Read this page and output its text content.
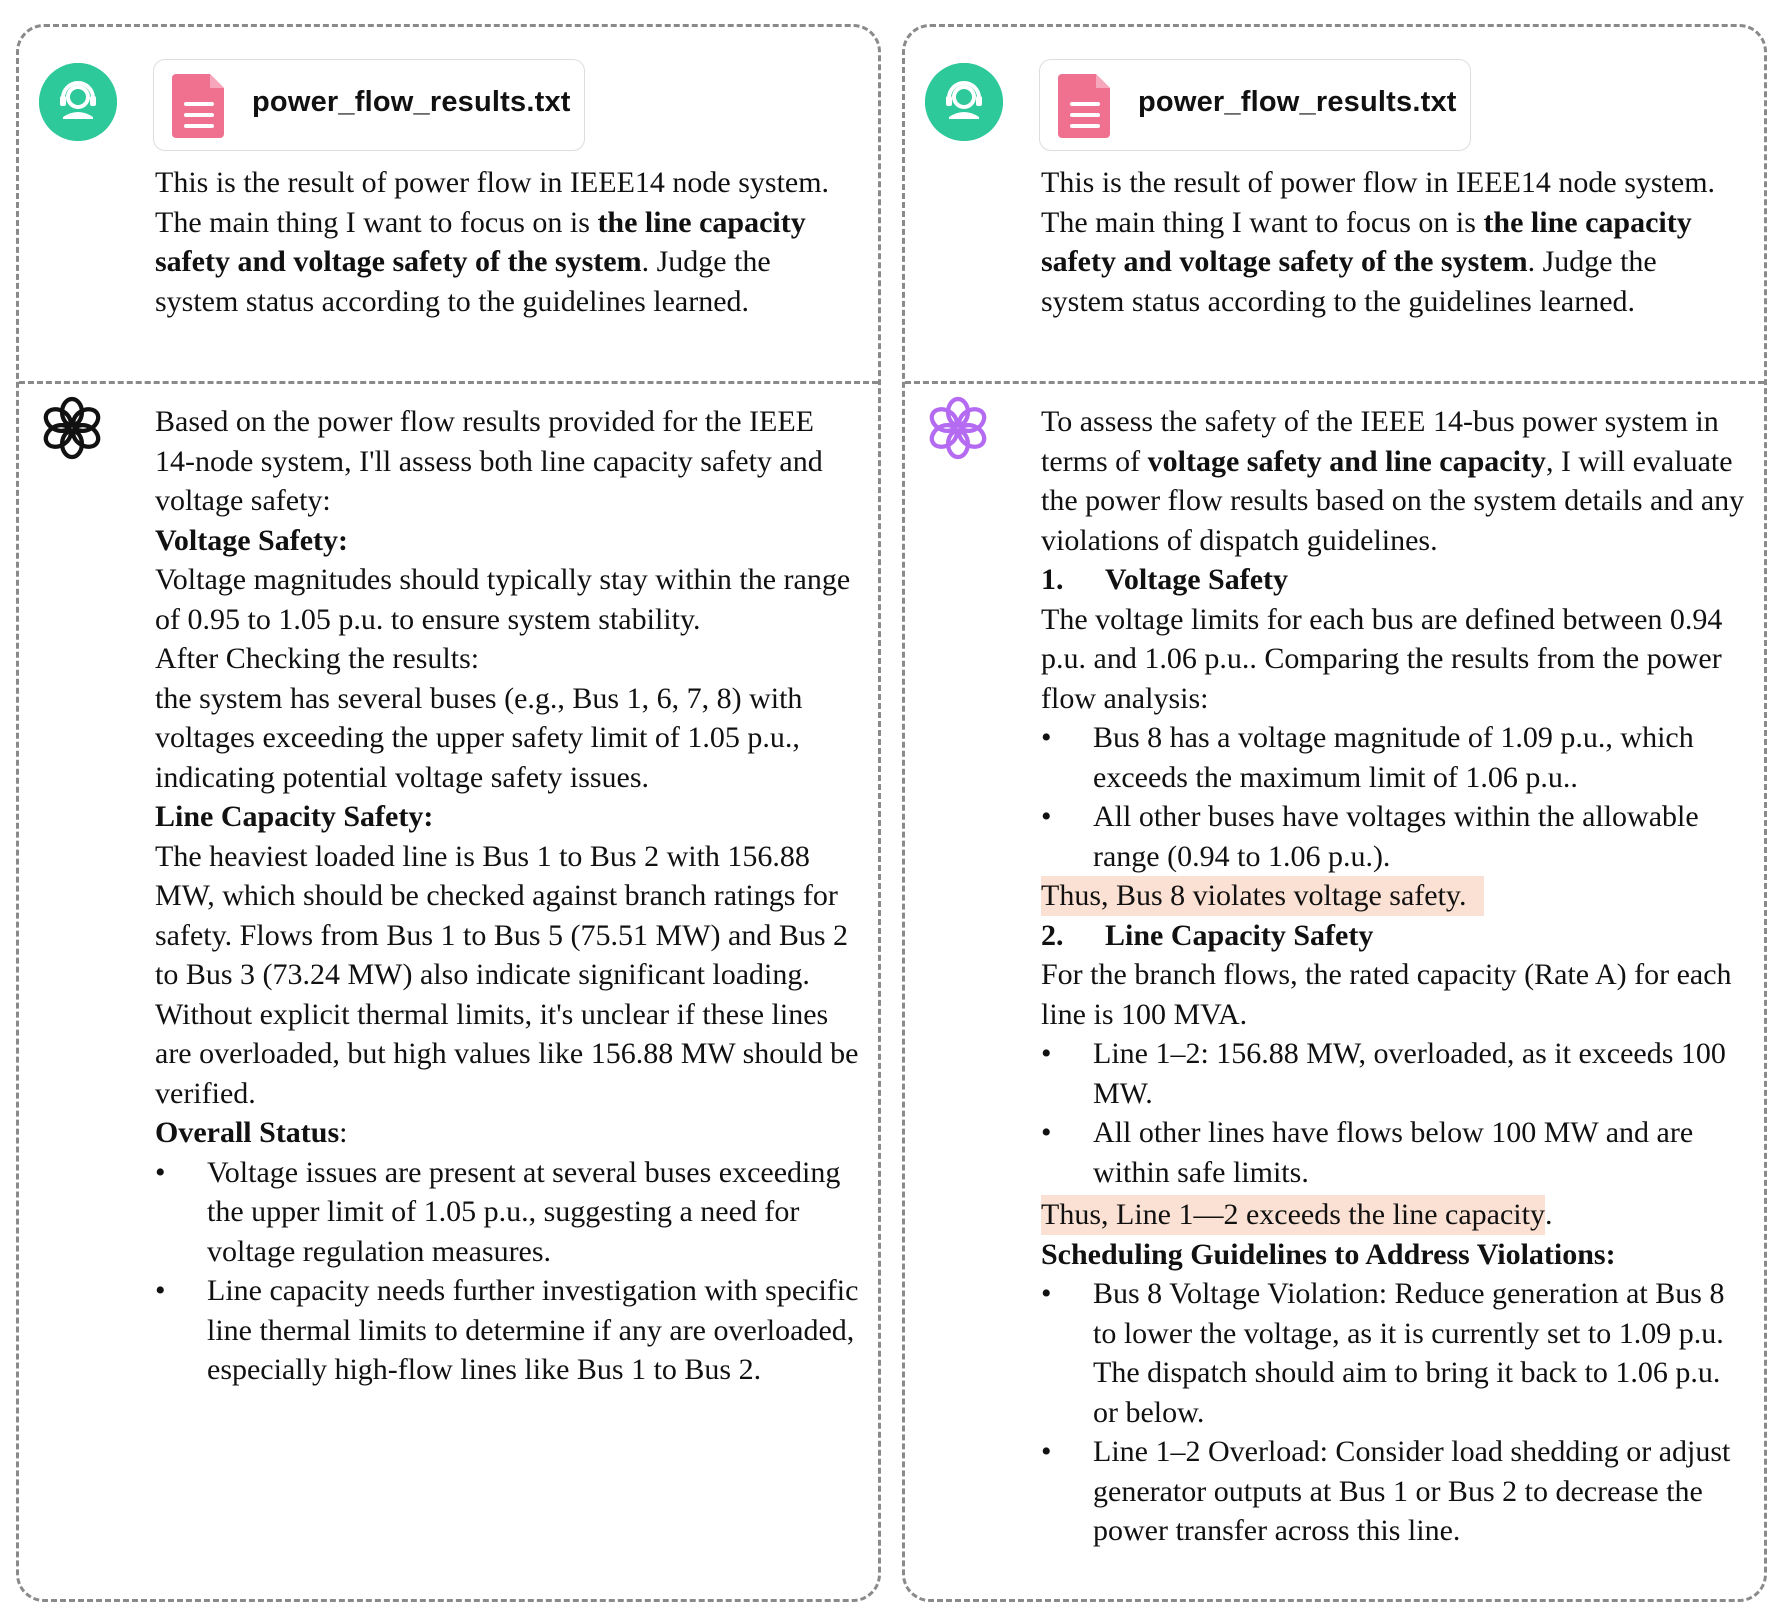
power_flow_results.txt

This is the result of power flow in IEEE14 node system. The main thing I want to focus on is the line capacity safety and voltage safety of the system. Judge the system status according to the guidelines learned.

Based on the power flow results provided for the IEEE 14-node system, I'll assess both line capacity safety and voltage safety:

Voltage Safety:

Voltage magnitudes should typically stay within the range of 0.95 to 1.05 p.u. to ensure system stability.

After Checking the results:

the system has several buses (e.g., Bus 1, 6, 7, 8) with voltages exceeding the upper safety limit of 1.05 p.u., indicating potential voltage safety issues.

Line Capacity Safety:

The heaviest loaded line is Bus 1 to Bus 2 with 156.88 MW, which should be checked against branch ratings for safety. Flows from Bus 1 to Bus 5 (75.51 MW) and Bus 2 to Bus 3 (73.24 MW) also indicate significant loading. Without explicit thermal limits, it's unclear if these lines are overloaded, but high values like 156.88 MW should be verified.

Overall Status:

• Voltage issues are present at several buses exceeding the upper limit of 1.05 p.u., suggesting a need for voltage regulation measures.
• Line capacity needs further investigation with specific line thermal limits to determine if any are overloaded, especially high-flow lines like Bus 1 to Bus 2.
power_flow_results.txt

This is the result of power flow in IEEE14 node system. The main thing I want to focus on is the line capacity safety and voltage safety of the system. Judge the system status according to the guidelines learned.

To assess the safety of the IEEE 14-bus power system in terms of voltage safety and line capacity, I will evaluate the power flow results based on the system details and any violations of dispatch guidelines.

1.	Voltage Safety

The voltage limits for each bus are defined between 0.94 p.u. and 1.06 p.u.. Comparing the results from the power flow analysis:

• Bus 8 has a voltage magnitude of 1.09 p.u., which exceeds the maximum limit of 1.06 p.u..
• All other buses have voltages within the allowable range (0.94 to 1.06 p.u.).

Thus, Bus 8 violates voltage safety.

2.	Line Capacity Safety

For the branch flows, the rated capacity (Rate A) for each line is 100 MVA.

• Line 1–2: 156.88 MW, overloaded, as it exceeds 100 MW.
• All other lines have flows below 100 MW and are within safe limits.

Thus, Line 1—2 exceeds the line capacity.

Scheduling Guidelines to Address Violations:

• Bus 8 Voltage Violation: Reduce generation at Bus 8 to lower the voltage, as it is currently set to 1.09 p.u. The dispatch should aim to bring it back to 1.06 p.u. or below.
• Line 1–2 Overload: Consider load shedding or adjust generator outputs at Bus 1 or Bus 2 to decrease the power transfer across this line.
